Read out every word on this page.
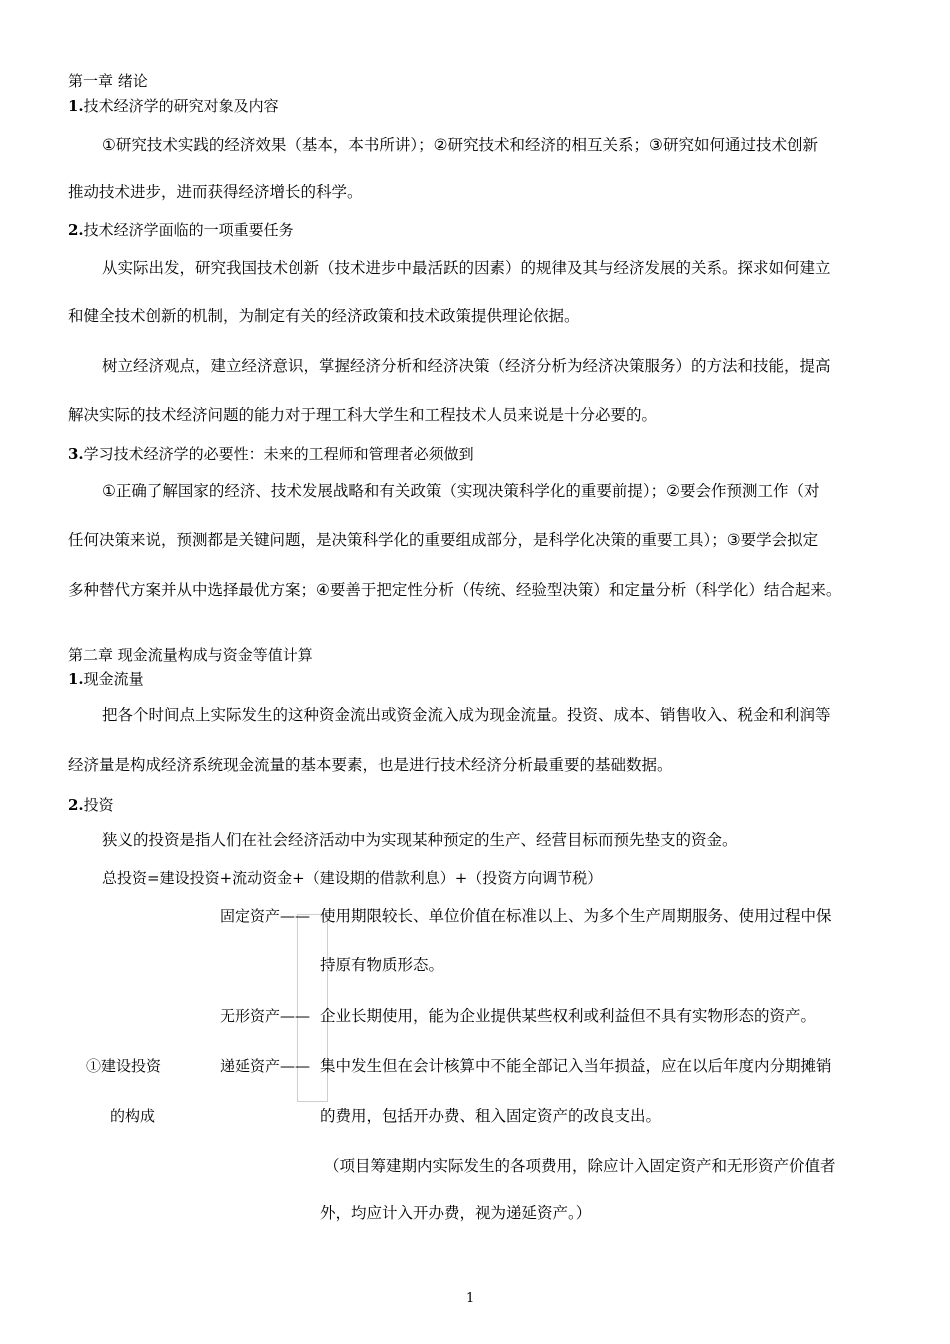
第一章 绪论
1.技术经济学的研究对象及内容
①研究技术实践的经济效果（基本，本书所讲）；②研究技术和经济的相互关系；③研究如何通过技术创新
推动技术进步，进而获得经济增长的科学。
2.技术经济学面临的一项重要任务
从实际出发，研究我国技术创新（技术进步中最活跃的因素）的规律及其与经济发展的关系。探求如何建立
和健全技术创新的机制，为制定有关的经济政策和技术政策提供理论依据。
树立经济观点，建立经济意识，掌握经济分析和经济决策（经济分析为经济决策服务）的方法和技能，提高
解决实际的技术经济问题的能力对于理工科大学生和工程技术人员来说是十分必要的。
3.学习技术经济学的必要性：未来的工程师和管理者必须做到
①正确了解国家的经济、技术发展战略和有关政策（实现决策科学化的重要前提）；②要会作预测工作（对
任何决策来说，预测都是关键问题，是决策科学化的重要组成部分，是科学化决策的重要工具）；③要学会拟定
多种替代方案并从中选择最优方案；④要善于把定性分析（传统、经验型决策）和定量分析（科学化）结合起来。
第二章 现金流量构成与资金等值计算
1.现金流量
把各个时间点上实际发生的这种资金流出或资金流入成为现金流量。投资、成本、销售收入、税金和利润等
经济量是构成经济系统现金流量的基本要素，也是进行技术经济分析最重要的基础数据。
2.投资
狭义的投资是指人们在社会经济活动中为实现某种预定的生产、经营目标而预先垫支的资金。
总投资=建设投资+流动资金+（建设期的借款利息）+（投资方向调节税）
固定资产—— 使用期限较长、单位价值在标准以上、为多个生产周期服务、使用过程中保
持原有物质形态。
无形资产—— 企业长期使用，能为企业提供某些权利或利益但不具有实物形态的资产。
①建设投资
的构成
递延资产—— 集中发生但在会计核算中不能全部记入当年损益，应在以后年度内分期摊销
的费用，包括开办费、租入固定资产的改良支出。
（项目筹建期内实际发生的各项费用，除应计入固定资产和无形资产价值者
外，均应计入开办费，视为递延资产。）
1
